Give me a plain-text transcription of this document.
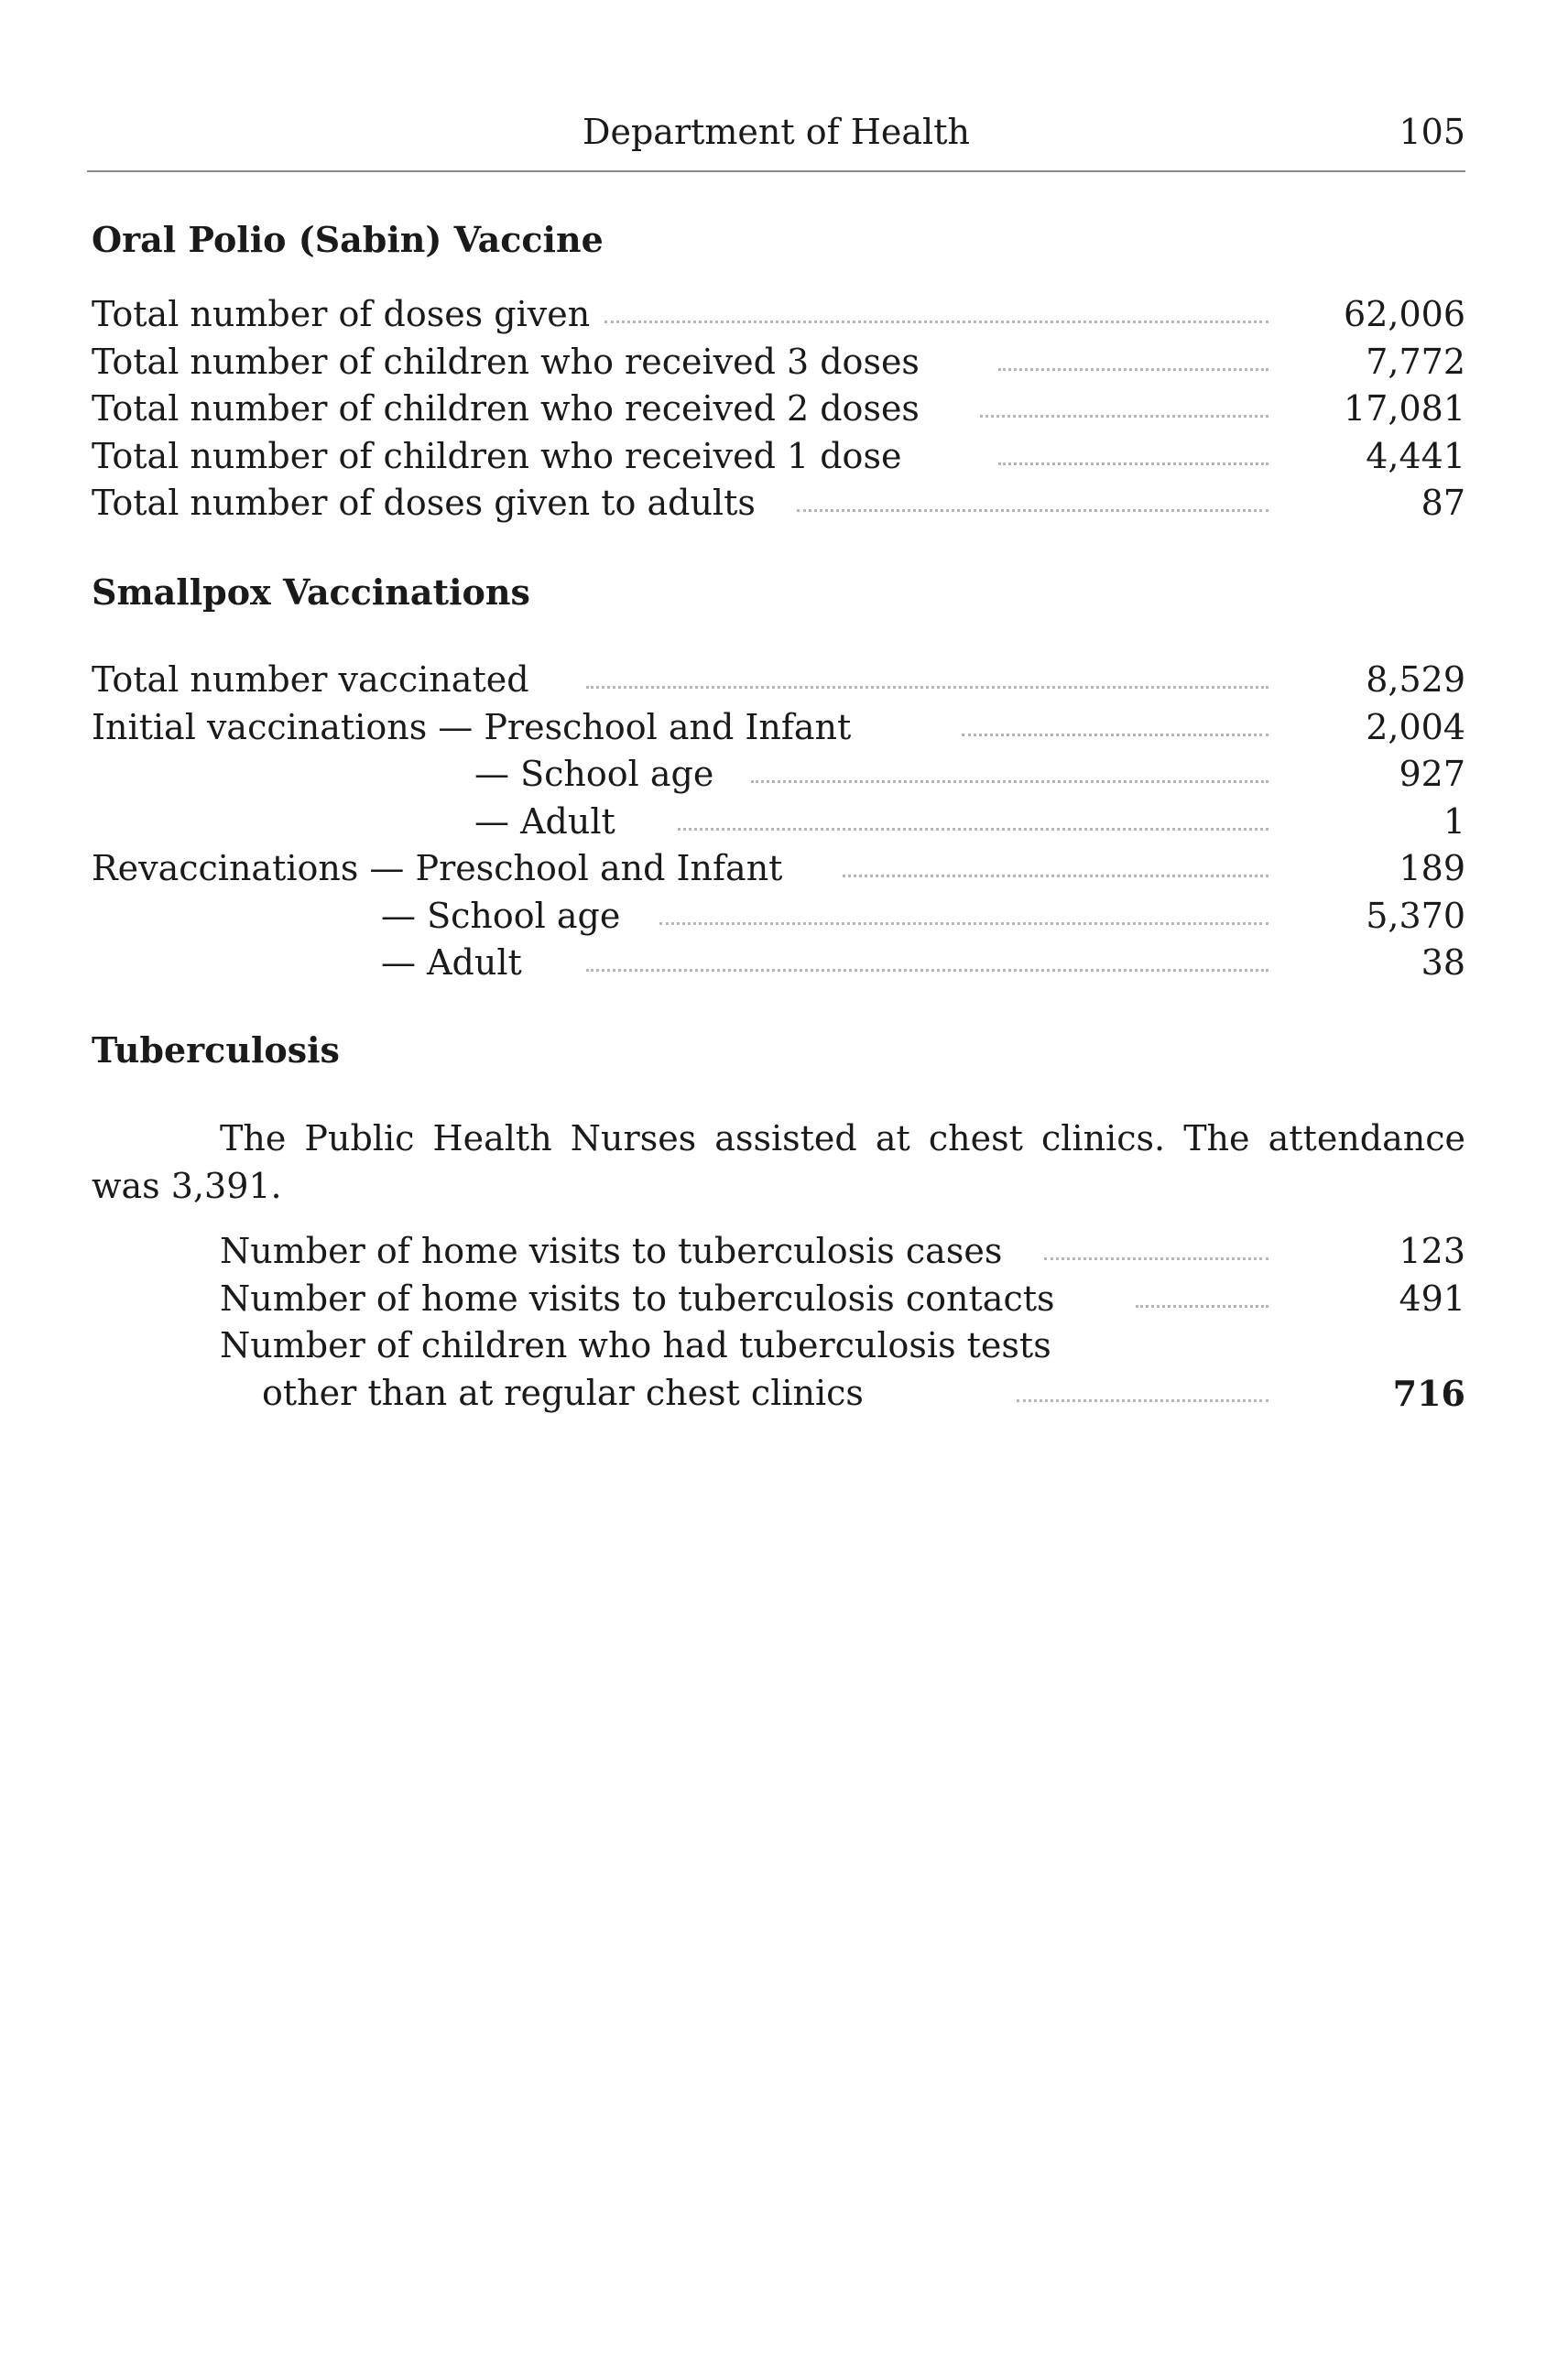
Department of Health	105
Oral Polio (Sabin) Vaccine
Total number of doses given	62,006
Total number of children who received 3 doses	7,772
Total number of children who received 2 doses	17,081
Total number of children who received 1 dose	4,441
Total number of doses given to adults	87
Smallpox Vaccinations
Total number vaccinated	8,529
Initial vaccinations — Preschool and Infant	2,004
— School age	927
— Adult	1
Revaccinations — Preschool and Infant	189
— School age	5,370
— Adult	38
Tuberculosis

The Public Health Nurses assisted at chest clinics. The attendance was 3,391.

Number of home visits to tuberculosis cases	123
Number of home visits to tuberculosis contacts	491
Number of children who had tuberculosis tests
other than at regular chest clinics	716
